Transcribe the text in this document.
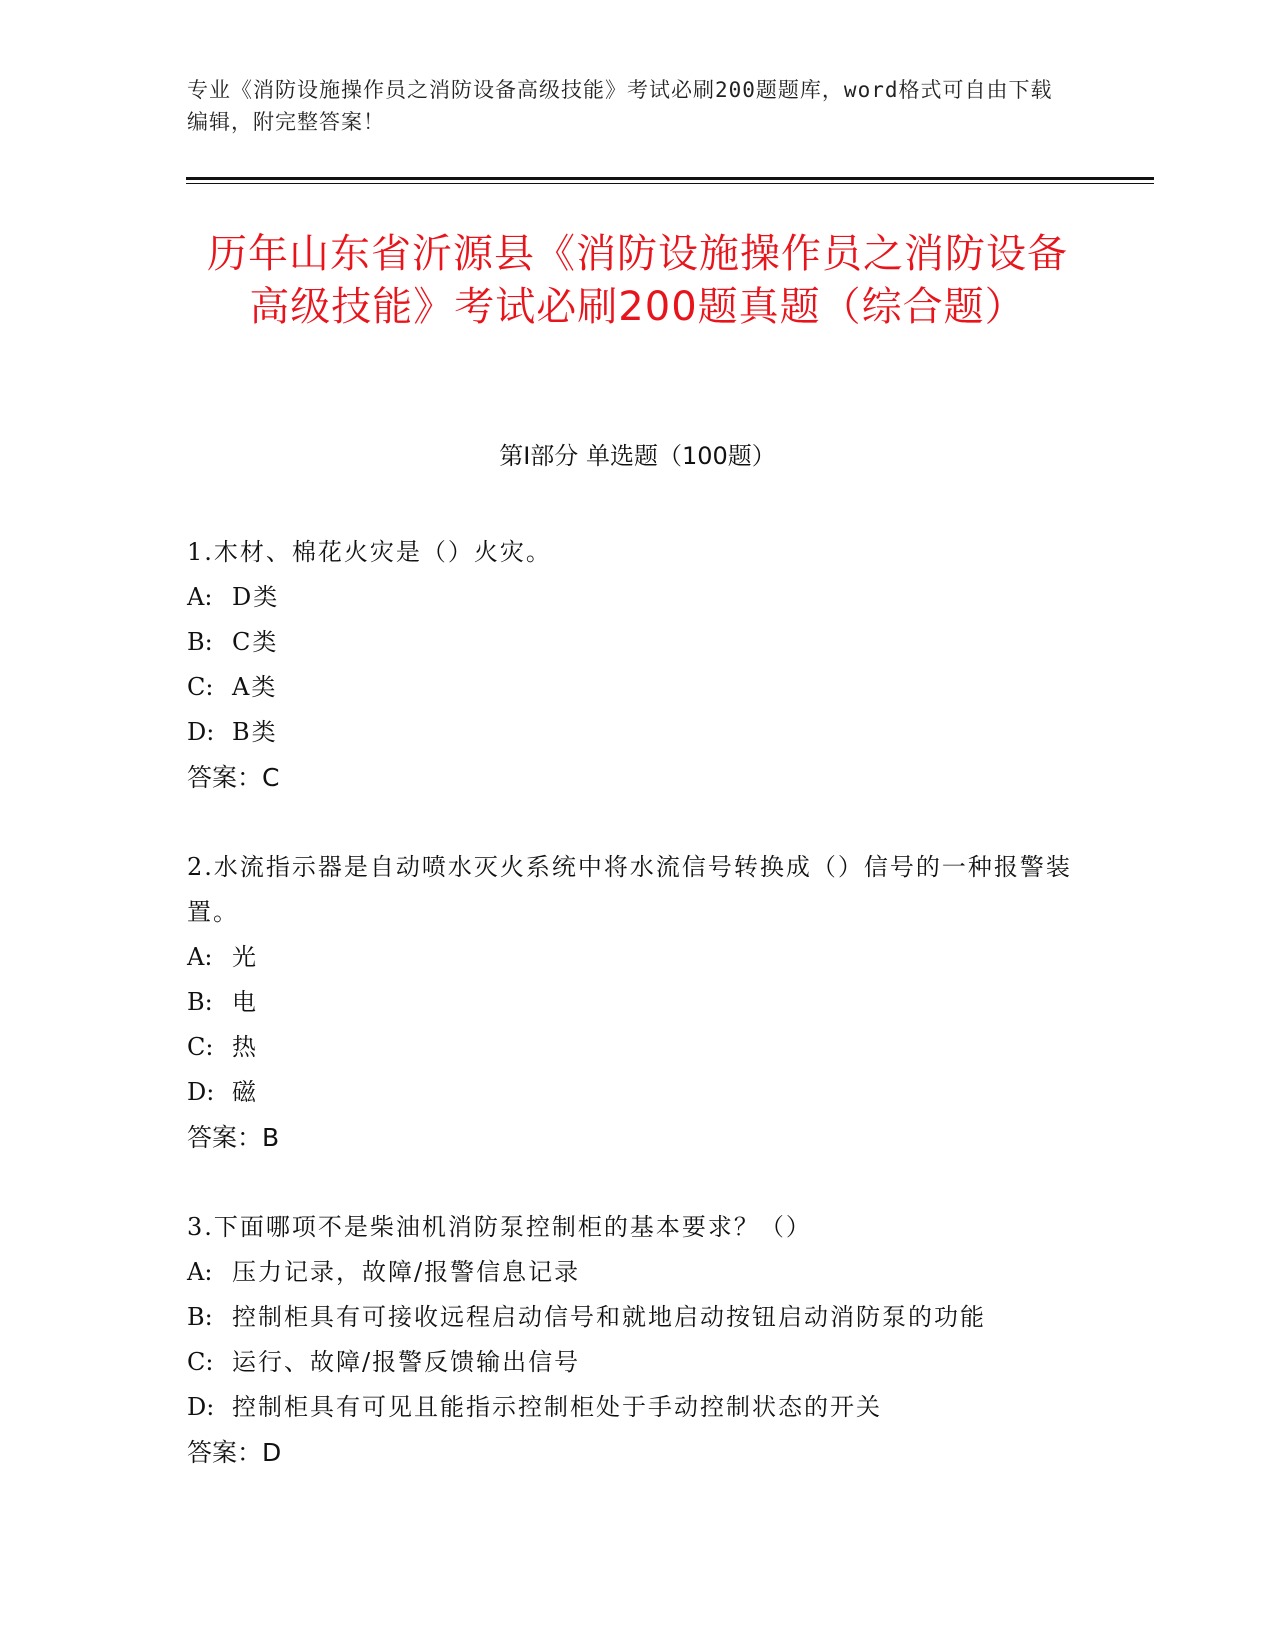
专业《消防设施操作员之消防设备高级技能》考试必刷200题题库，word格式可自由下载编辑，附完整答案！
历年山东省沂源县《消防设施操作员之消防设备高级技能》考试必刷200题真题（综合题）
第Ⅰ部分 单选题（100题）
1.木材、棉花火灾是（）火灾。
A: D类
B: C类
C: A类
D: B类
答案：C
2.水流指示器是自动喷水灭火系统中将水流信号转换成（）信号的一种报警装置。
A: 光
B: 电
C: 热
D: 磁
答案：B
3.下面哪项不是柴油机消防泵控制柜的基本要求？（）
A: 压力记录，故障/报警信息记录
B: 控制柜具有可接收远程启动信号和就地启动按钮启动消防泵的功能
C: 运行、故障/报警反馈输出信号
D: 控制柜具有可见且能指示控制柜处于手动控制状态的开关
答案：D
